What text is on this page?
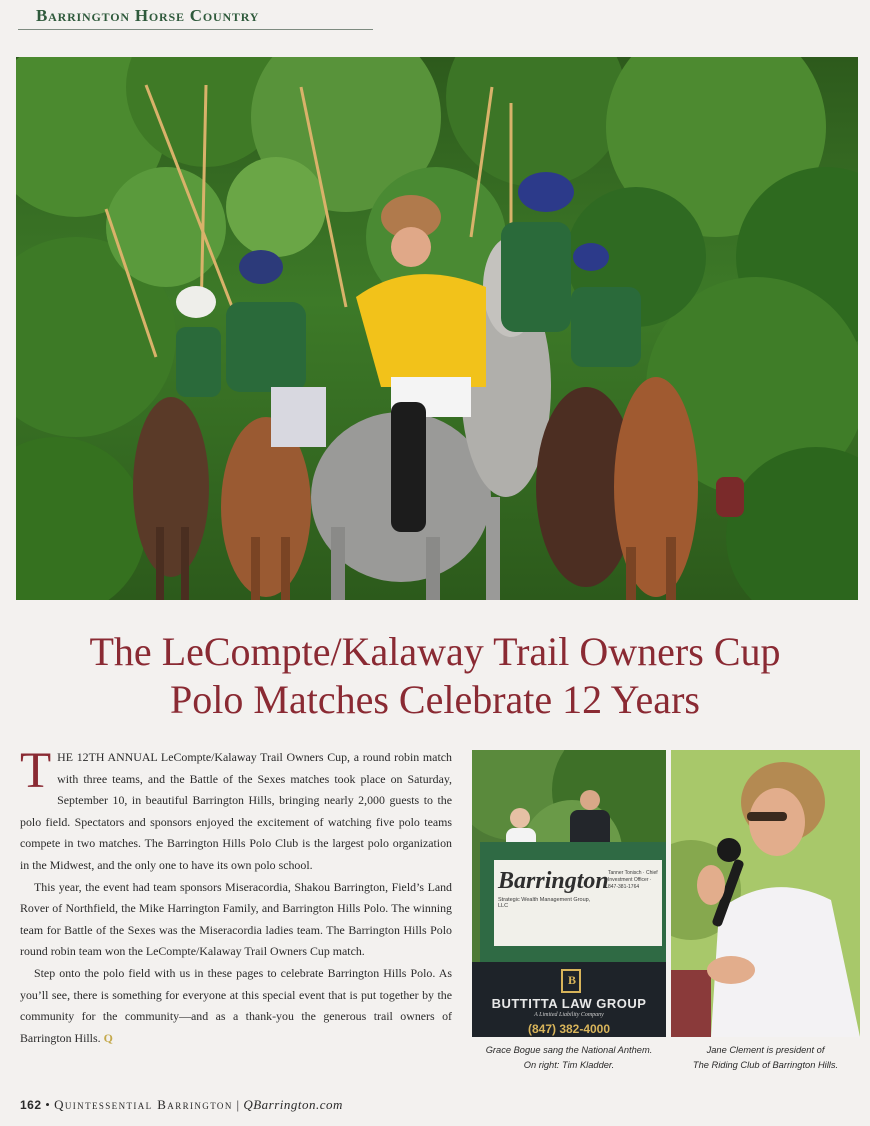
Barrington Horse Country
The LeCompte/Kalaway Trail Owners Cup
Polo Matches Celebrate 12 Years

THE 12TH ANNUAL LeCompte/Kalaway Trail Owners Cup, a round robin match with three teams, and the Battle of the Sexes matches took place on Saturday, September 10, in beautiful Barrington Hills, bringing nearly 2,000 guests to the polo field. Spectators and sponsors enjoyed the excitement of watching five polo teams compete in two matches. The Barrington Hills Polo Club is the largest polo organization in the Midwest, and the only one to have its own polo school.

This year, the event had team sponsors Miseracordia, Shakou Barrington, Field’s Land Rover of Northfield, the Mike Harrington Family, and Barrington Hills Polo. The winning team for Battle of the Sexes was the Miseracordia ladies team. The Barrington Hills Polo round robin team won the LeCompte/Kalaway Trail Owners Cup match.

Step onto the polo field with us in these pages to celebrate Barrington Hills Polo. As you’ll see, there is something for everyone at this special event that is put together by the community for the community—and as a thank-you the generous trail owners of Barrington Hills. Q

Barrington
Strategic Wealth Management Group, LLC
Tanner Tonisch · Chief Investment Officer · 847-381-1764
B
BUTTITTA LAW GROUP
A Limited Liability Company
(847) 382-4000
Grace Bogue sang the National Anthem.
On right: Tim Kladder.
Jane Clement is president of
The Riding Club of Barrington Hills.
162 • Quintessential Barrington | QBarrington.com
